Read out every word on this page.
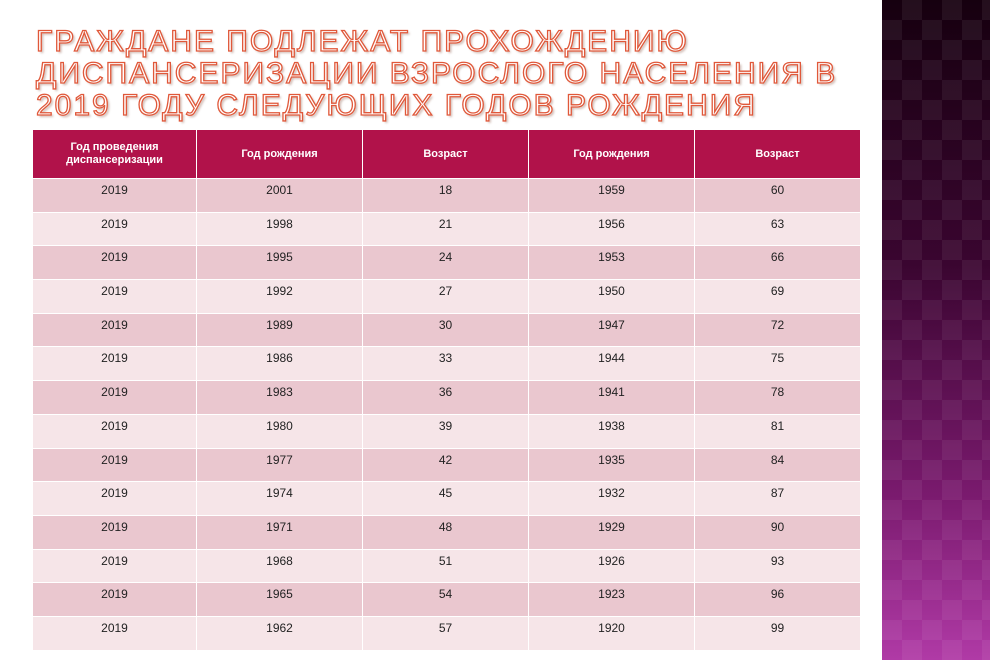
ГРАЖДАНЕ ПОДЛЕЖАТ ПРОХОЖДЕНИЮ ДИСПАНСЕРИЗАЦИИ ВЗРОСЛОГО НАСЕЛЕНИЯ В 2019 ГОДУ СЛЕДУЮЩИХ ГОДОВ РОЖДЕНИЯ
Год проведения диспансеризации	Год рождения	Возраст	Год рождения	Возраст
2019	2001	18	1959	60
2019	1998	21	1956	63
2019	1995	24	1953	66
2019	1992	27	1950	69
2019	1989	30	1947	72
2019	1986	33	1944	75
2019	1983	36	1941	78
2019	1980	39	1938	81
2019	1977	42	1935	84
2019	1974	45	1932	87
2019	1971	48	1929	90
2019	1968	51	1926	93
2019	1965	54	1923	96
2019	1962	57	1920	99
